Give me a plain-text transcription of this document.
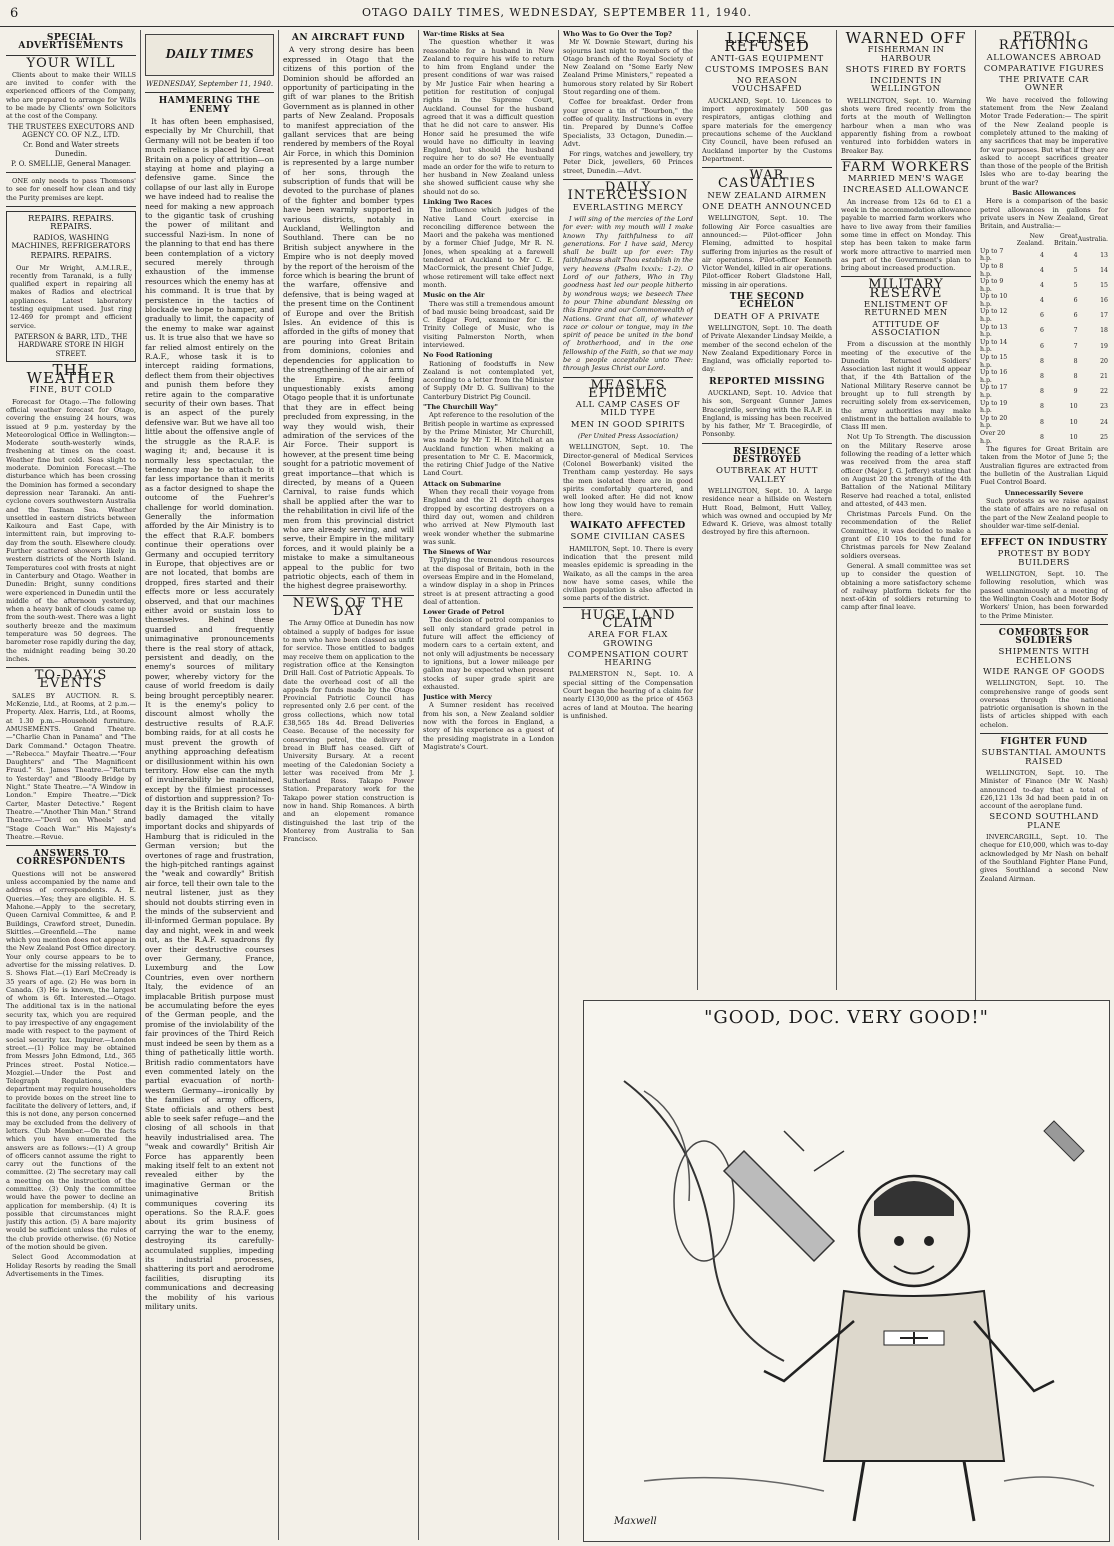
6	OTAGO DAILY TIMES, WEDNESDAY, SEPTEMBER 11, 1940.
SPECIAL ADVERTISEMENTS
YOUR WILL

Clients about to make their WILLS are invited to confer with the experienced officers of the Company, who are prepared to arrange for Wills to be made by Clients' own Solicitors at the cost of the Company.

THE TRUSTEES EXECUTORS AND AGENCY CO. OF N.Z., LTD.
Cr. Bond and Water streets Dunedin.
P. O. SMELLIE, General Manager.

ONE only needs to pass Thomsons' to see for oneself how clean and tidy the Purity premises are kept.

REPAIRS. REPAIRS. REPAIRS.
RADIOS, WASHING MACHINES, REFRIGERATORS
REPAIRS. REPAIRS.

Our Mr Wright, A.M.I.R.E., recently from Taranaki, is a fully qualified expert in repairing all makes of Radios and electrical appliances. Latest laboratory testing equipment used. Just ring 12-469 for prompt and efficient service.

PATERSON & BARR, LTD., THE HARDWARE STORE IN HIGH STREET.
THE WEATHER
FINE, BUT COLD

Forecast for Otago.—The following official weather forecast for Otago, covering the ensuing 24 hours, was issued at 9 p.m. yesterday by the Meteorological Office in Wellington:— Moderate south-westerly winds, freshening at times on the coast. Weather fine but cold. Seas slight to moderate. Dominion Forecast.—The disturbance which has been crossing the Dominion has formed a secondary depression near Taranaki. An anti-cyclone covers southwestern Australia and the Tasman Sea. Weather unsettled in eastern districts between Kaikoura and East Cape, with intermittent rain, but improving to-day from the south. Elsewhere cloudy. Further scattered showers likely in western districts of the North Island. Temperatures cool with frosts at night in Canterbury and Otago. Weather in Dunedin: Bright, sunny conditions were experienced in Dunedin until the middle of the afternoon yesterday, when a heavy bank of clouds came up from the south-west. There was a light southerly breeze and the maximum temperature was 50 degrees. The barometer rose rapidly during the day, the midnight reading being 30.20 inches.

TO-DAY'S EVENTS

SALES BY AUCTION. R. S. McKenzie, Ltd., at Rooms, at 2 p.m.—Property. Alex. Harris, Ltd., at Rooms, at 1.30 p.m.—Household furniture. AMUSEMENTS. Grand Theatre.—"Charlie Chan in Panama" and "The Dark Command." Octagon Theatre.—"Rebecca." Mayfair Theatre.—"Four Daughters" and "The Magnificent Fraud." St. James Theatre.—"Return to Yesterday" and "Bloody Bridge by Night." State Theatre.—"A Window in London." Empire Theatre.—"Dick Carter, Master Detective." Regent Theatre.—"Another Thin Man." Strand Theatre.—"Devil on Wheels" and "Stage Coach War." His Majesty's Theatre.—Revue.

ANSWERS TO CORRESPONDENTS

Questions will not be answered unless accompanied by the name and address of correspondents. A. E. Queries.—Yes; they are eligible. H. S. Mahone.—Apply to the secretary, Queen Carnival Committee, & and P. Buildings, Crawford street, Dunedin. Skittles.—Greenfield.—The name which you mention does not appear in the New Zealand Post Office directory. Your only course appears to be to advertise for the missing relatives. D. S. Shows Flat.—(1) Earl McCready is 35 years of age. (2) He was born in Canada. (3) He is known, the largest of whom is 6ft. Interested.—Otago. The additional tax is in the national security tax, which you are required to pay irrespective of any engagement made with respect to the payment of social security tax. Inquirer.—London street.—(1) Police may be obtained from Messrs John Edmond, Ltd., 365 Princes street. Postal Notice.—Mozgiel.—Under the Post and Telegraph Regulations, the department may require householders to provide boxes on the street line to facilitate the delivery of letters, and, if this is not done, any person concerned may be excluded from the delivery of letters. Club Member.—On the facts which you have enumerated the answers are as follows:—(1) A group of officers cannot assume the right to carry out the functions of the committee. (2) The secretary may call a meeting on the instruction of the committee. (3) Only the committee would have the power to decline an application for membership. (4) It is possible that circumstances might justify this action. (5) A bare majority would be sufficient unless the rules of the club provide otherwise. (6) Notice of the motion should be given.

Select Good Accommodation at Holiday Resorts by reading the Small Advertisements in the Times.

DAILY TIMES
WEDNESDAY, September 11, 1940.
HAMMERING THE ENEMY

It has often been emphasised, especially by Mr Churchill, that Germany will not be beaten if too much reliance is placed by Great Britain on a policy of attrition—on staying at home and playing a defensive game. Since the collapse of our last ally in Europe we have indeed had to realise the need for making a new approach to the gigantic task of crushing the power of militant and successful Nazi-ism. In none of the planning to that end has there been contemplation of a victory secured merely through exhaustion of the immense resources which the enemy has at his command. It is true that by persistence in the tactics of blockade we hope to hamper, and gradually to limit, the capacity of the enemy to make war against us. It is true also that we have so far relied almost entirely on the R.A.F., whose task it is to intercept raiding formations, deflect them from their objectives and punish them before they retire again to the comparative security of their own bases. That is an aspect of the purely defensive war. But we have all too little about the offensive angle of the struggle as the R.A.F. is waging it; and, because it is normally less spectacular, the tendency may be to attach to it far less importance than it merits as a factor designed to shape the outcome of the Fuehrer's challenge for world domination. Generally the information afforded by the Air Ministry is to the effect that R.A.F. bombers continue their operations over Germany and occupied territory in Europe, that objectives are or are not located, that bombs are dropped, fires started and their effects more or less accurately observed, and that our machines either avoid or sustain loss to themselves. Behind these guarded and frequently unimaginative pronouncements there is the real story of attack, persistent and deadly, on the enemy's sources of military power, whereby victory for the cause of world freedom is daily being brought perceptibly nearer. It is the enemy's policy to discount almost wholly the destructive results of R.A.F. bombing raids, for at all costs he must prevent the growth of anything approaching defeatism or disillusionment within his own territory. How else can the myth of invulnerability be maintained, except by the filmiest processes of distortion and suppression? To-day it is the British claim to have badly damaged the vitally important docks and shipyards of Hamburg that is ridiculed in the German version; but the overtones of rage and frustration, the high-pitched rantings against the "weak and cowardly" British air force, tell their own tale to the neutral listener, just as they should not doubts stirring even in the minds of the subservient and ill-informed German populace. By day and night, week in and week out, as the R.A.F. squadrons fly over their destructive courses over Germany, France, Luxemburg and the Low Countries, even over northern Italy, the evidence of an implacable British purpose must be accumulating before the eyes of the German people, and the promise of the inviolability of the fair provinces of the Third Reich must indeed be seen by them as a thing of pathetically little worth. British radio commentators have even commented lately on the partial evacuation of north-western Germany—ironically by the families of army officers, State officials and others best able to seek safer refuge—and the closing of all schools in that heavily industrialised area. The "weak and cowardly" British Air Force has apparently been making itself felt to an extent not revealed either by the imaginative German or the unimaginative British communiques covering its operations. So the R.A.F. goes about its grim business of carrying the war to the enemy, destroying its carefully-accumulated supplies, impeding its industrial processes, shattering its port and aerodrome facilities, disrupting its communications and decreasing the mobility of his various military units.

AN AIRCRAFT FUND

A very strong desire has been expressed in Otago that the citizens of this portion of the Dominion should be afforded an opportunity of participating in the gift of war planes to the British Government as is planned in other parts of New Zealand. Proposals to manifest appreciation of the gallant services that are being rendered by members of the Royal Air Force, in which this Dominion is represented by a large number of her sons, through the subscription of funds that will be devoted to the purchase of planes of the fighter and bomber types have been warmly supported in various districts, notably in Auckland, Wellington and Southland. There can be no British subject anywhere in the Empire who is not deeply moved by the report of the heroism of the force which is bearing the brunt of the warfare, offensive and defensive, that is being waged at the present time on the Continent of Europe and over the British Isles. An evidence of this is afforded in the gifts of money that are pouring into Great Britain from dominions, colonies and dependencies for application to the strengthening of the air arm of the Empire. A feeling unquestionably exists among Otago people that it is unfortunate that they are in effect being precluded from expressing, in the way they would wish, their admiration of the services of the Air Force. Their support is however, at the present time being sought for a patriotic movement of great importance—that which is directed, by means of a Queen Carnival, to raise funds which shall be applied after the war to the rehabilitation in civil life of the men from this provincial district who are already serving, and will serve, their Empire in the military forces, and it would plainly be a mistake to make a simultaneous appeal to the public for two patriotic objects, each of them in the highest degree praiseworthy.

NEWS OF THE DAY

The Army Office at Dunedin has now obtained a supply of badges for issue to men who have been classed as unfit for service. Those entitled to badges may receive them on application to the registration office at the Kensington Drill Hall. Cost of Patriotic Appeals. To date the overhead cost of all the appeals for funds made by the Otago Provincial Patriotic Council has represented only 2.6 per cent. of the gross collections, which now total £38,565 18s 4d. Bread Deliveries Cease. Because of the necessity for conserving petrol, the delivery of bread in Bluff has ceased. Gift of University Bursary. At a recent meeting of the Caledonian Society a letter was received from Mr J. Sutherland Ross. Takapo Power Station. Preparatory work for the Takapo power station construction is now in hand. Ship Romances. A birth and an elopement romance distinguished the last trip of the Monterey from Australia to San Francisco.

War-time Risks at Sea

The question whether it was reasonable for a husband in New Zealand to require his wife to return to him from England under the present conditions of war was raised by Mr Justice Fair when hearing a petition for restitution of conjugal rights in the Supreme Court, Auckland. Counsel for the husband agreed that it was a difficult question that he did not care to answer. His Honor said he presumed the wife would have no difficulty in leaving England, but should the husband require her to do so? He eventually made an order for the wife to return to her husband in New Zealand unless she showed sufficient cause why she should not do so.

Linking Two Races

The influence which judges of the Native Land Court exercise in reconciling difference between the Maori and the pakeha was mentioned by a former Chief Judge, Mr R. N. Jones, when speaking at a farewell tendered at Auckland to Mr C. E. MacCormick, the present Chief Judge, whose retirement will take effect next month.

Music on the Air

There was still a tremendous amount of bad music being broadcast, said Dr C. Edgar Ford, examiner for the Trinity College of Music, who is visiting Palmerston North, when interviewed.

No Food Rationing

Rationing of foodstuffs in New Zealand is not contemplated yet, according to a letter from the Minister of Supply (Mr D. G. Sullivan) to the Canterbury District Pig Council.

"The Churchill Way"

Apt reference to the resolution of the British people in wartime as expressed by the Prime Minister, Mr Churchill, was made by Mr T. H. Mitchell at an Auckland function when making a presentation to Mr C. E. Macormick, the retiring Chief Judge of the Native Land Court.

Attack on Submarine

When they recall their voyage from England and the 21 depth charges dropped by escorting destroyers on a third day out, women and children who arrived at New Plymouth last week wonder whether the submarine was sunk.

The Sinews of War

Typifying the tremendous resources at the disposal of Britain, both in the overseas Empire and in the Homeland, a window display in a shop in Princes street is at present attracting a good deal of attention.

Lower Grade of Petrol

The decision of petrol companies to sell only standard grade petrol in future will affect the efficiency of modern cars to a certain extent, and not only will adjustments be necessary to ignitions, but a lower mileage per gallon may be expected when present stocks of super grade spirit are exhausted.

Justice with Mercy

A Sumner resident has received from his son, a New Zealand soldier now with the forces in England, a story of his experience as a guest of the presiding magistrate in a London Magistrate's Court.

Who Was to Go Over the Top?

Mr W. Downie Stewart, during his sojourns last night to members of the Otago branch of the Royal Society of New Zealand on "Some Early New Zealand Prime Ministers," repeated a humorous story related by Sir Robert Stout regarding one of them.

Coffee for breakfast. Order from your grocer a tin of "Bourbon," the coffee of quality. Instructions in every tin. Prepared by Dunne's Coffee Specialists, 33 Octagon, Dunedin.—Advt.

For rings, watches and jewellery, try Peter Dick, jewellers, 60 Princes street, Dunedin.—Advt.

DAILY INTERCESSION
EVERLASTING MERCY

I will sing of the mercies of the Lord for ever: with my mouth will I make known Thy faithfulness to all generations. For I have said, Mercy shall be built up for ever: Thy faithfulness shalt Thou establish in the very heavens (Psalm lxxxix: 1-2). O Lord of our fathers, Who in Thy goodness hast led our people hitherto by wondrous ways; we beseech Thee to pour Thine abundant blessing on this Empire and our Commonwealth of Nations. Grant that all, of whatever race or colour or tongue, may in the spirit of peace be united in the bond of brotherhood, and in the one fellowship of the Faith, so that we may be a people acceptable unto Thee: through Jesus Christ our Lord.

MEASLES EPIDEMIC
ALL CAMP CASES OF MILD TYPE
MEN IN GOOD SPIRITS
(Per United Press Association)

WELLINGTON, Sept. 10. The Director-general of Medical Services (Colonel Bowerbank) visited the Trentham camp yesterday. He says the men isolated there are in good spirits comfortably quartered, and well looked after. He did not know how long they would have to remain there.

WAIKATO AFFECTED
SOME CIVILIAN CASES

HAMILTON, Sept. 10. There is every indication that the present mild measles epidemic is spreading in the Waikato, as all the camps in the area now have some cases, while the civilian population is also affected in some parts of the district.

HUGE LAND CLAIM
AREA FOR FLAX GROWING
COMPENSATION COURT HEARING

PALMERSTON N., Sept. 10. A special sitting of the Compensation Court began the hearing of a claim for nearly £130,000 as the price of 4563 acres of land at Moutoa. The hearing is unfinished.

LICENCE REFUSED
ANTI-GAS EQUIPMENT
CUSTOMS IMPOSES BAN
NO REASON VOUCHSAFED

AUCKLAND, Sept. 10. Licences to import approximately 500 gas respirators, antigas clothing and spare materials for the emergency precautions scheme of the Auckland City Council, have been refused an Auckland importer by the Customs Department.

WAR CASUALTIES
NEW ZEALAND AIRMEN
ONE DEATH ANNOUNCED

WELLINGTON, Sept. 10. The following Air Force casualties are announced:— Pilot-officer John Fleming, admitted to hospital suffering from injuries as the result of air operations. Pilot-officer Kenneth Victor Wendel, killed in air operations. Pilot-officer Robert Gladstone Hall, missing in air operations.

THE SECOND ECHELON
DEATH OF A PRIVATE

WELLINGTON, Sept. 10. The death of Private Alexander Lindsay Meikle, a member of the second echelon of the New Zealand Expeditionary Force in England, was officially reported to-day.

REPORTED MISSING

AUCKLAND, Sept. 10. Advice that his son, Sergeant Gunner James Bracegirdle, serving with the R.A.F. in England, is missing has been received by his father, Mr T. Bracegirdle, of Ponsonby.

RESIDENCE DESTROYED
OUTBREAK AT HUTT VALLEY

WELLINGTON, Sept. 10. A large residence near a hillside on Western Hutt Road, Belmont, Hutt Valley, which was owned and occupied by Mr Edward K. Grieve, was almost totally destroyed by fire this afternoon.

WARNED OFF
FISHERMAN IN HARBOUR
SHOTS FIRED BY FORTS
INCIDENTS IN WELLINGTON

WELLINGTON, Sept. 10. Warning shots were fired recently from the forts at the mouth of Wellington harbour when a man who was apparently fishing from a rowboat ventured into forbidden waters in Breaker Bay.

FARM WORKERS
MARRIED MEN'S WAGE
INCREASED ALLOWANCE

An increase from 12s 6d to £1 a week in the accommodation allowance payable to married farm workers who have to live away from their families some time in effect on Monday. This step has been taken to make farm work more attractive to married men as part of the Government's plan to bring about increased production.

MILITARY RESERVE
ENLISTMENT OF RETURNED MEN
ATTITUDE OF ASSOCIATION

From a discussion at the monthly meeting of the executive of the Dunedin Returned Soldiers' Association last night it would appear that, if the 4th Battalion of the National Military Reserve cannot be brought up to full strength by recruiting solely from ex-servicemen, the army authorities may make enlistment in the battalion available to Class III men.

Not Up To Strength. The discussion on the Military Reserve arose following the reading of a letter which was received from the area staff officer (Major J. G. Jeffery) stating that on August 20 the strength of the 4th Battalion of the National Military Reserve had reached a total, enlisted and attested, of 443 men.

Christmas Parcels Fund. On the recommendation of the Relief Committee, it was decided to make a grant of £10 10s to the fund for Christmas parcels for New Zealand soldiers overseas.

General. A small committee was set up to consider the question of obtaining a more satisfactory scheme of railway platform tickets for the next-of-kin of soldiers returning to camp after final leave.

PETROL RATIONING
ALLOWANCES ABROAD
COMPARATIVE FIGURES
THE PRIVATE CAR OWNER

We have received the following statement from the New Zealand Motor Trade Federation:— The spirit of the New Zealand people is completely attuned to the making of any sacrifices that may be imperative for war purposes. But what if they are asked to accept sacrifices greater than those of the people of the British Isles who are to-day bearing the brunt of the war?

Basic Allowances

Here is a comparison of the basic petrol allowances in gallons for private users in New Zealand, Great Britain, and Australia:—

	New Zealand.	Great Britain.	Australia.
Up to 7 h.p.	4	4	13
Up to 8 h.p.	4	5	14
Up to 9 h.p.	4	5	15
Up to 10 h.p.	4	6	16
Up to 12 h.p.	6	6	17
Up to 13 h.p.	6	7	18
Up to 14 h.p.	6	7	19
Up to 15 h.p.	8	8	20
Up to 16 h.p.	8	8	21
Up to 17 h.p.	8	9	22
Up to 19 h.p.	8	10	23
Up to 20 h.p.	8	10	24
Over 20 h.p.	8	10	25

The figures for Great Britain are taken from the Motor of June 5; the Australian figures are extracted from the bulletin of the Australian Liquid Fuel Control Board.

Unnecessarily Severe

Such protests as we raise against the state of affairs are no refusal on the part of the New Zealand people to shoulder war-time self-denial.

EFFECT ON INDUSTRY
PROTEST BY BODY BUILDERS

WELLINGTON, Sept. 10. The following resolution, which was passed unanimously at a meeting of the Wellington Coach and Motor Body Workers' Union, has been forwarded to the Prime Minister.

COMFORTS FOR SOLDIERS
SHIPMENTS WITH ECHELONS
WIDE RANGE OF GOODS

WELLINGTON, Sept. 10. The comprehensive range of goods sent overseas through the national patriotic organisation is shown in the lists of articles shipped with each echelon.

FIGHTER FUND
SUBSTANTIAL AMOUNTS RAISED

WELLINGTON, Sept. 10. The Minister of Finance (Mr W. Nash) announced to-day that a total of £26,121 13s 3d had been paid in on account of the aeroplane fund.

SECOND SOUTHLAND PLANE

INVERCARGILL, Sept. 10. The cheque for £10,000, which was to-day acknowledged by Mr Nash on behalf of the Southland Fighter Plane Fund, gives Southland a second New Zealand Airman.

"GOOD, DOC. VERY GOOD!"
Maxwell
